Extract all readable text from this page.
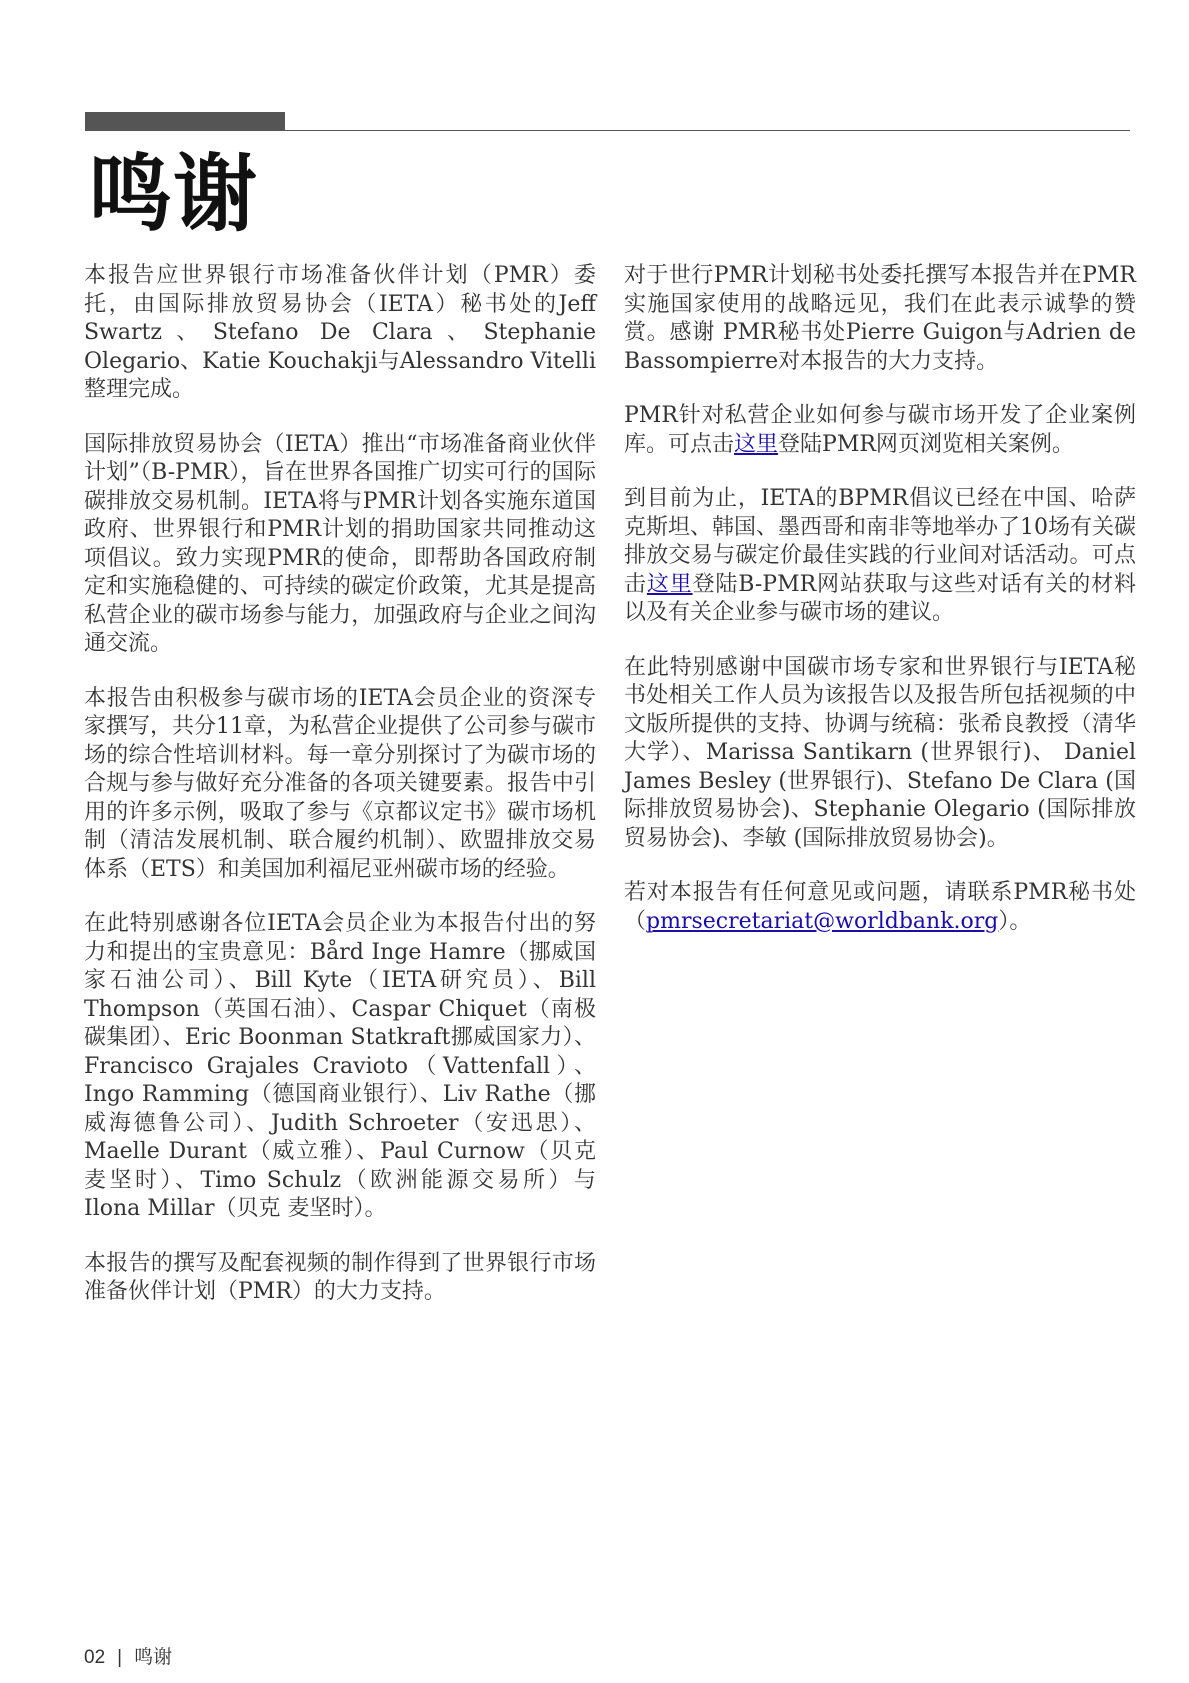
鸣谢

本报告应世界银行市场准备伙伴计划（PMR）委托，由国际排放贸易协会（IETA）秘书处的Jeff Swartz、Stefano De Clara、Stephanie Olegario、Katie Kouchakji与Alessandro Vitelli整理完成。

国际排放贸易协会（IETA）推出“市场准备商业伙伴计划”（B-PMR），旨在世界各国推广切实可行的国际碳排放交易机制。IETA将与PMR计划各实施东道国政府、世界银行和PMR计划的捐助国家共同推动这项倡议。致力实现PMR的使命，即帮助各国政府制定和实施稳健的、可持续的碳定价政策，尤其是提高私营企业的碳市场参与能力，加强政府与企业之间沟通交流。

本报告由积极参与碳市场的IETA会员企业的资深专家撰写，共分11章，为私营企业提供了公司参与碳市场的综合性培训材料。每一章分别探讨了为碳市场的合规与参与做好充分准备的各项关键要素。报告中引用的许多示例，吸取了参与《京都议定书》碳市场机制（清洁发展机制、联合履约机制）、欧盟排放交易体系（ETS）和美国加利福尼亚州碳市场的经验。

在此特别感谢各位IETA会员企业为本报告付出的努力和提出的宝贵意见：Bård Inge Hamre（挪威国家石油公司）、Bill Kyte（IETA研究员）、Bill Thompson（英国石油）、Caspar Chiquet（南极碳集团）、Eric Boonman Statkraft挪威国家力）、Francisco Grajales Cravioto（Vattenfall）、Ingo Ramming（德国商业银行）、Liv Rathe（挪威海德鲁公司）、Judith Schroeter（安迅思）、Maelle Durant（威立雅）、Paul Curnow（贝克 麦坚时）、Timo Schulz（欧洲能源交易所）与Ilona Millar（贝克 麦坚时）。

本报告的撰写及配套视频的制作得到了世界银行市场准备伙伴计划（PMR）的大力支持。

对于世行PMR计划秘书处委托撰写本报告并在PMR实施国家使用的战略远见，我们在此表示诚挚的赞赏。感谢 PMR秘书处Pierre Guigon与Adrien de Bassompierre对本报告的大力支持。

PMR针对私营企业如何参与碳市场开发了企业案例库。可点击这里登陆PMR网页浏览相关案例。

到目前为止，IETA的BPMR倡议已经在中国、哈萨克斯坦、韩国、墨西哥和南非等地举办了10场有关碳排放交易与碳定价最佳实践的行业间对话活动。可点击这里登陆B-PMR网站获取与这些对话有关的材料以及有关企业参与碳市场的建议。

在此特别感谢中国碳市场专家和世界银行与IETA秘书处相关工作人员为该报告以及报告所包括视频的中文版所提供的支持、协调与统稿：张希良教授（清华大学）、Marissa Santikarn (世界银行)、 Daniel James Besley (世界银行)、Stefano De Clara (国际排放贸易协会)、Stephanie Olegario (国际排放贸易协会)、李敏 (国际排放贸易协会)。

若对本报告有任何意见或问题，请联系PMR秘书处（pmrsecretariat@worldbank.org）。

02 | 鸣谢
